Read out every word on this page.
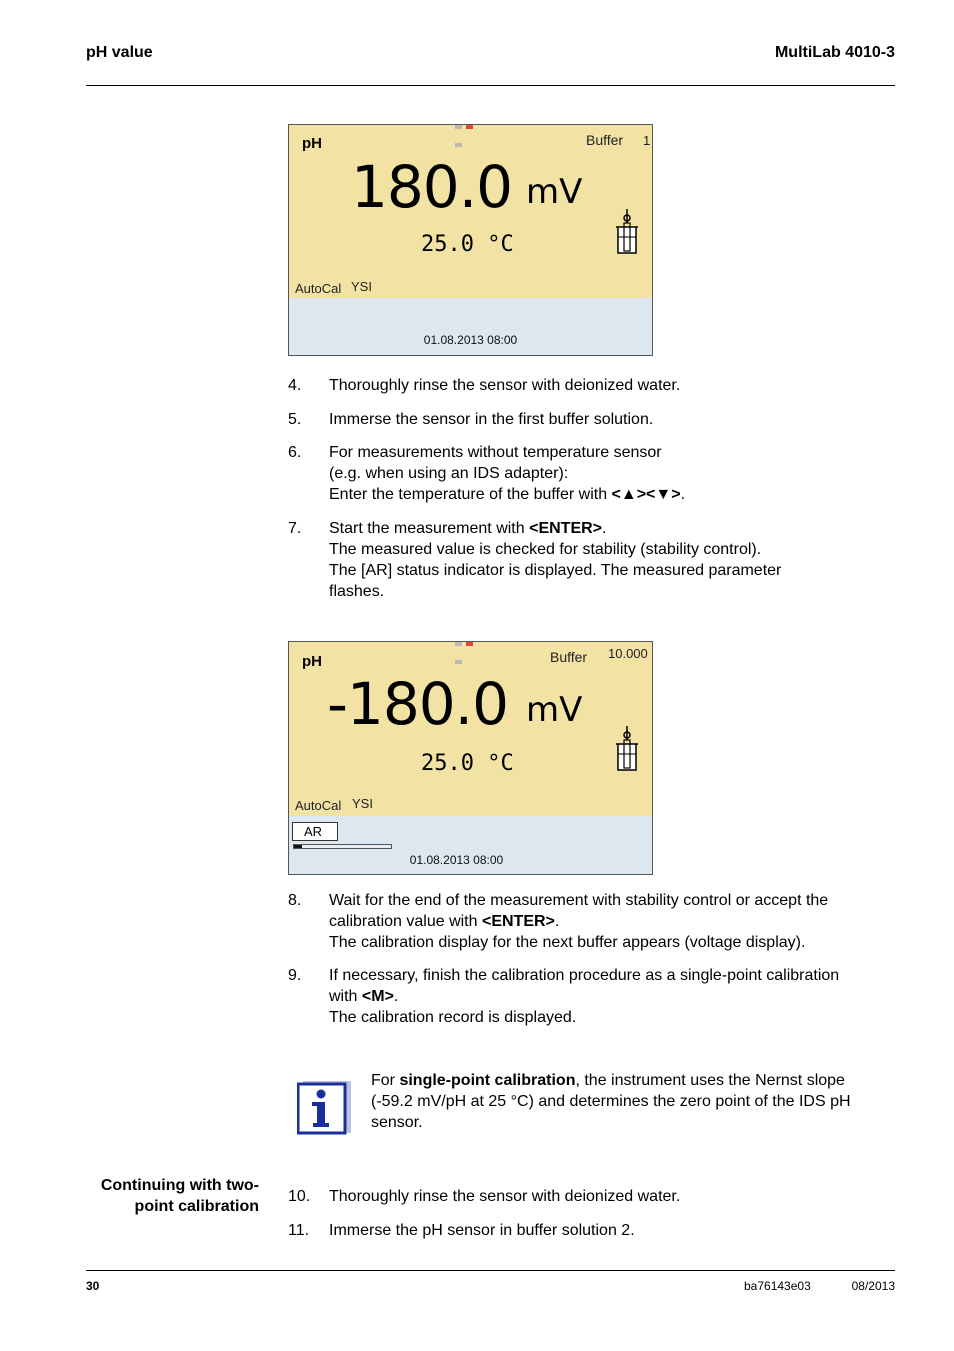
pH value	MultiLab 4010-3
pH	Buffer 1
180.0 mV
25.0 °C
AutoCal YSI
01.08.2013 08:00
4.	Thoroughly rinse the sensor with deionized water.
5.	Immerse the sensor in the first buffer solution.
6.	For measurements without temperature sensor
(e.g. when using an IDS adapter):
Enter the temperature of the buffer with <▲><▼>.
7.	Start the measurement with <ENTER>.
The measured value is checked for stability (stability control).
The [AR] status indicator is displayed. The measured parameter
flashes.
pH	Buffer 10.000
-180.0 mV
25.0 °C
AutoCal YSI
AR
01.08.2013 08:00
8.	Wait for the end of the measurement with stability control or accept the
calibration value with <ENTER>.
The calibration display for the next buffer appears (voltage display).
9.	If necessary, finish the calibration procedure as a single-point calibration
with <M>.
The calibration record is displayed.
For single-point calibration, the instrument uses the Nernst slope
(-59.2 mV/pH at 25 °C) and determines the zero point of the IDS pH
sensor.
Continuing with two-
point calibration
10.	Thoroughly rinse the sensor with deionized water.
11.	Immerse the pH sensor in buffer solution 2.
30	ba76143e03	08/2013
